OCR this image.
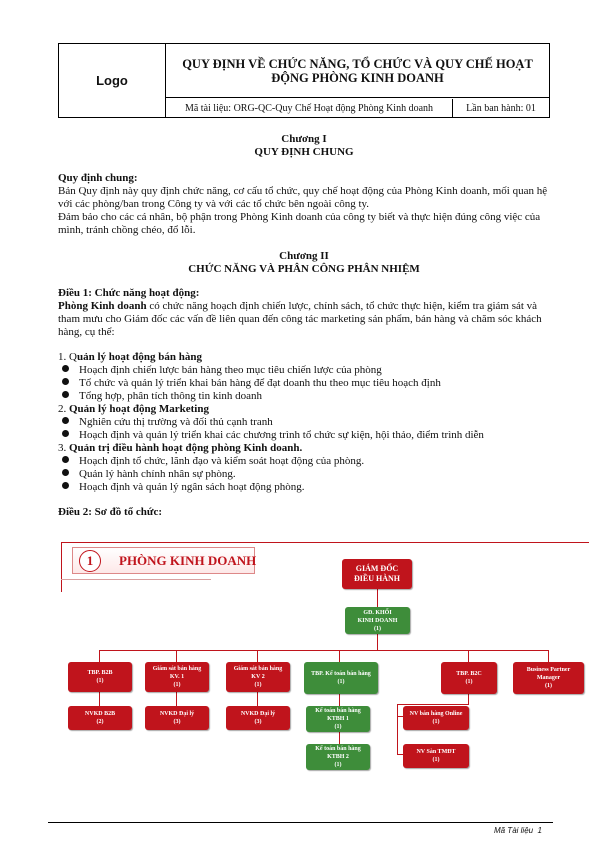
Logo
QUY ĐỊNH VỀ CHỨC NĂNG, TỔ CHỨC VÀ QUY CHẾ HOẠT ĐỘNG PHÒNG KINH DOANH
Mã tài liệu: ORG-QC-Quy Chế Hoạt động Phòng Kinh doanh	Lần ban hành: 01
Chương I
QUY ĐỊNH CHUNG
Quy định chung:
Bản Quy định này quy định chức năng, cơ cấu tổ chức, quy chế hoạt động của Phòng Kinh doanh, mối quan hệ với các phòng/ban trong Công ty và với các tổ chức bên ngoài công ty.
Đảm bảo cho các cá nhân, bộ phận trong Phòng Kinh doanh của công ty biết và thực hiện đúng công việc của mình, tránh chồng chéo, đổ lỗi.
Chương II
CHỨC NĂNG VÀ PHÂN CÔNG PHÂN NHIỆM
Điều 1: Chức năng hoạt động:
Phòng Kinh doanh có chức năng hoạch định chiến lược, chính sách, tổ chức thực hiện, kiểm tra giám sát và tham mưu cho Giám đốc các vấn đề liên quan đến công tác marketing sản phẩm, bán hàng và chăm sóc khách hàng, cụ thể:
1. Quản lý hoạt động bán hàng
Hoạch định chiến lược bán hàng theo mục tiêu chiến lược của phòng
Tổ chức và quản lý triển khai bán hàng để đạt doanh thu theo mục tiêu hoạch định
Tổng hợp, phân tích thông tin kinh doanh
2. Quản lý hoạt động Marketing
Nghiên cứu thị trường và đối thủ cạnh tranh
Hoạch định và quản lý triển khai các chương trình tổ chức sự kiện, hội thảo, điểm trình diễn
3. Quản trị điều hành hoạt động phòng Kinh doanh.
Hoạch định tổ chức, lãnh đạo và kiểm soát hoạt động của phòng.
Quản lý hành chính nhân sự phòng.
Hoạch định và quản lý ngân sách hoạt động phòng.
Điều 2: Sơ đồ tổ chức:
1	PHÒNG KINH DOANH
GIÁM ĐỐC
ĐIỀU HÀNH
GĐ. KHỐI
KINH DOANH
(1)
TBP. B2B
(1)
Giám sát bán hàng
KV. 1
(1)
Giám sát bán hàng
KV 2
(1)
TBP. Kế toán bán hàng
(1)
TBP. B2C
(1)
Business Partner
Manager
(1)
NVKD B2B
(2)
NVKD Đại lý
(3)
NVKD Đại lý
(3)
Kế toán bán hàng
KTBH 1
(1)
NV bán hàng Online
(1)
Kế toán bán hàng
KTBH 2
(1)
NV Sàn TMĐT
(1)
Mã Tài liệu 1
